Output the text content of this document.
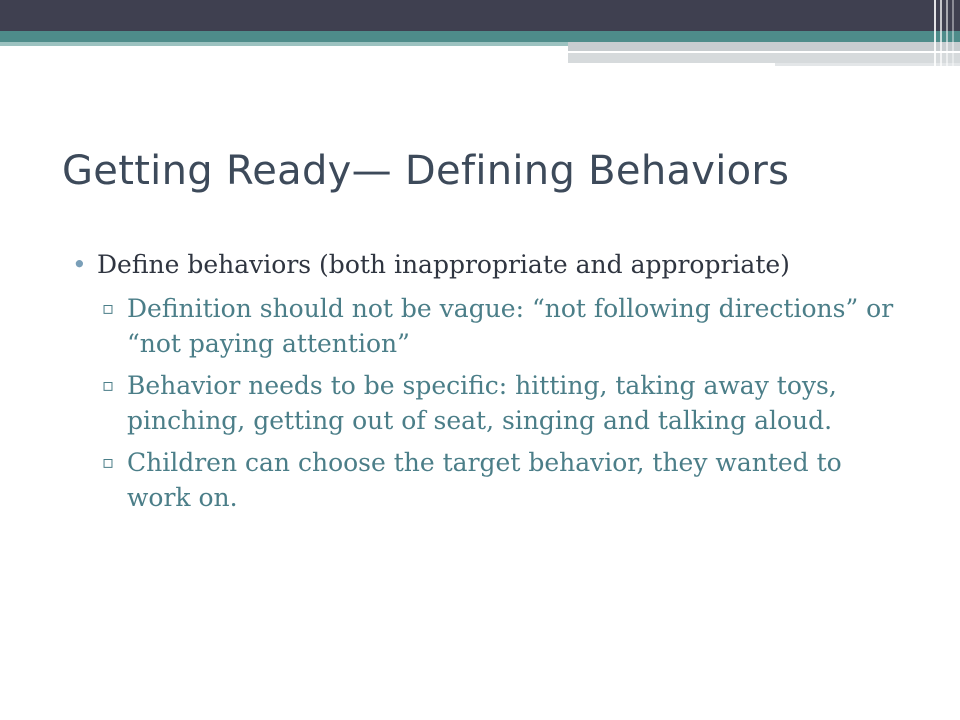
Getting Ready— Defining Behaviors
• Define behaviors (both inappropriate and appropriate)
▫ Definition should not be vague: “not following directions” or “not paying attention”
▫ Behavior needs to be specific: hitting, taking away toys, pinching, getting out of seat, singing and talking aloud.
▫ Children can choose the target behavior, they wanted to work on.
